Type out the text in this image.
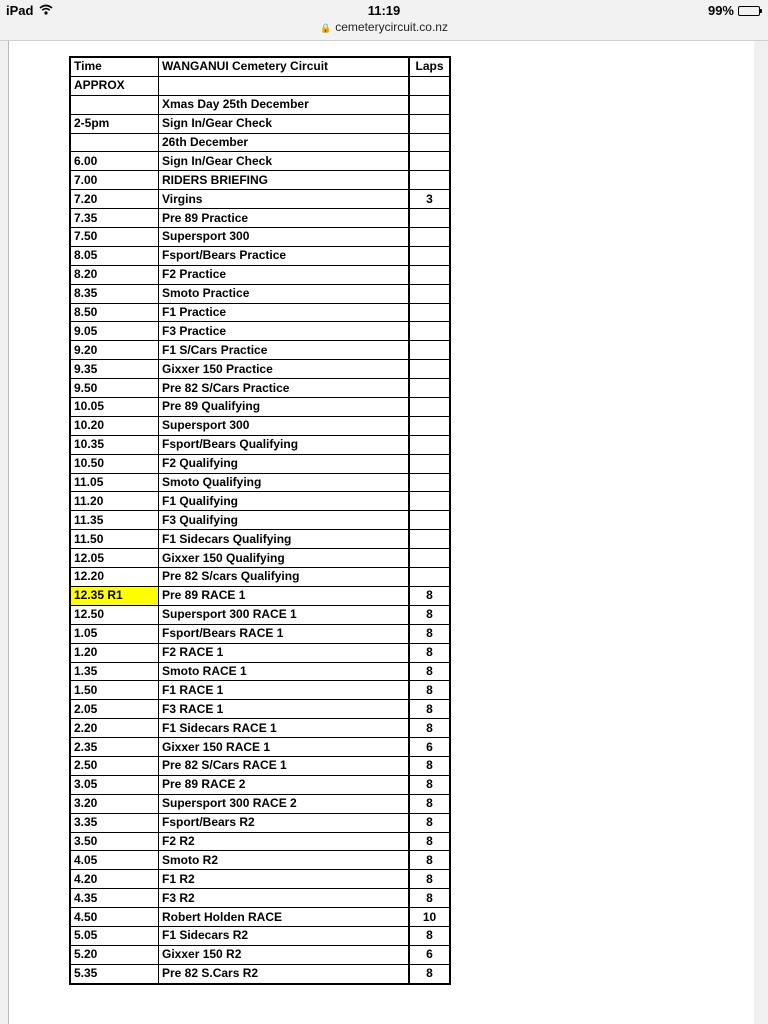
iPad	11:19	99%
🔒 cemeterycircuit.co.nz
Time	WANGANUI Cemetery Circuit	Laps
APPROX		
	Xmas Day 25th December	
2-5pm	Sign In/Gear Check	
	26th December	
6.00	Sign In/Gear Check	
7.00	RIDERS BRIEFING	
7.20	Virgins	3
7.35	Pre 89 Practice	
7.50	Supersport 300	
8.05	Fsport/Bears Practice	
8.20	F2 Practice	
8.35	Smoto Practice	
8.50	F1 Practice	
9.05	F3 Practice	
9.20	F1 S/Cars Practice	
9.35	Gixxer 150 Practice	
9.50	Pre 82 S/Cars Practice	
10.05	Pre 89 Qualifying	
10.20	Supersport 300	
10.35	Fsport/Bears Qualifying	
10.50	F2 Qualifying	
11.05	Smoto Qualifying	
11.20	F1 Qualifying	
11.35	F3 Qualifying	
11.50	F1 Sidecars Qualifying	
12.05	Gixxer 150 Qualifying	
12.20	Pre 82 S/cars Qualifying	
12.35 R1	Pre 89 RACE 1	8
12.50	Supersport 300 RACE 1	8
1.05	Fsport/Bears RACE 1	8
1.20	F2 RACE 1	8
1.35	Smoto RACE 1	8
1.50	F1 RACE 1	8
2.05	F3 RACE 1	8
2.20	F1 Sidecars RACE 1	8
2.35	Gixxer 150 RACE 1	6
2.50	Pre 82 S/Cars RACE 1	8
3.05	Pre 89 RACE 2	8
3.20	Supersport 300 RACE 2	8
3.35	Fsport/Bears R2	8
3.50	F2 R2	8
4.05	Smoto R2	8
4.20	F1 R2	8
4.35	F3 R2	8
4.50	Robert Holden RACE	10
5.05	F1 Sidecars R2	8
5.20	Gixxer 150 R2	6
5.35	Pre 82 S.Cars R2	8
